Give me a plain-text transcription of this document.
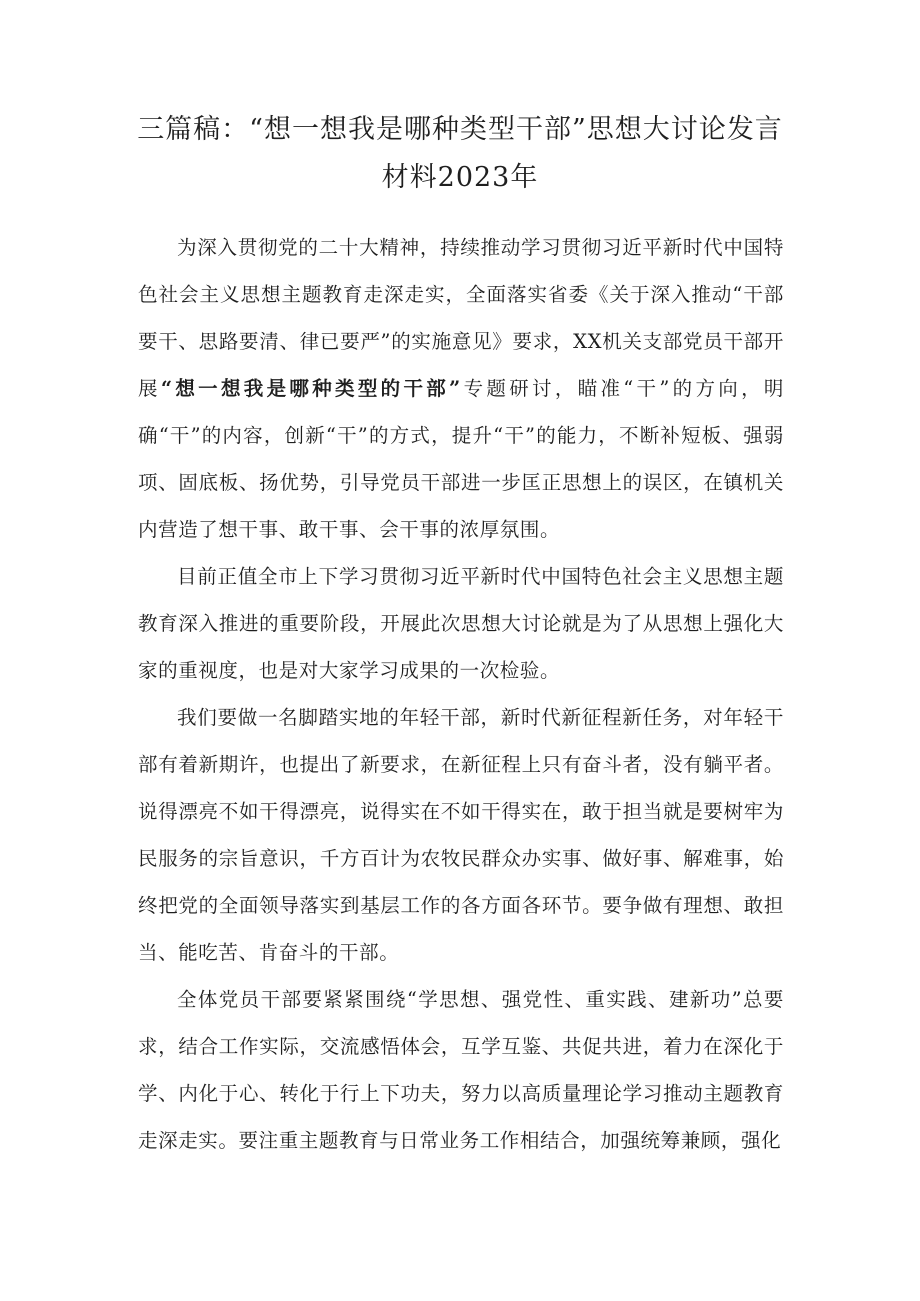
三篇稿：“想一想我是哪种类型干部”思想大讨论发言材料2023年

为深入贯彻党的二十大精神，持续推动学习贯彻习近平新时代中国特色社会主义思想主题教育走深走实，全面落实省委《关于深入推动“干部要干、思路要清、律已要严”的实施意见》要求，XX机关支部党员干部开展“想一想我是哪种类型的干部”专题研讨，瞄准“干”的方向，明确“干”的内容，创新“干”的方式，提升“干”的能力，不断补短板、强弱项、固底板、扬优势，引导党员干部进一步匡正思想上的误区，在镇机关内营造了想干事、敢干事、会干事的浓厚氛围。

目前正值全市上下学习贯彻习近平新时代中国特色社会主义思想主题教育深入推进的重要阶段，开展此次思想大讨论就是为了从思想上强化大家的重视度，也是对大家学习成果的一次检验。

我们要做一名脚踏实地的年轻干部，新时代新征程新任务，对年轻干部有着新期许，也提出了新要求，在新征程上只有奋斗者，没有躺平者。说得漂亮不如干得漂亮，说得实在不如干得实在，敢于担当就是要树牢为民服务的宗旨意识，千方百计为农牧民群众办实事、做好事、解难事，始终把党的全面领导落实到基层工作的各方面各环节。要争做有理想、敢担当、能吃苦、肯奋斗的干部。

全体党员干部要紧紧围绕“学思想、强党性、重实践、建新功”总要求，结合工作实际，交流感悟体会，互学互鉴、共促共进，着力在深化于学、内化于心、转化于行上下功夫，努力以高质量理论学习推动主题教育走深走实。要注重主题教育与日常业务工作相结合，加强统筹兼顾，强化
